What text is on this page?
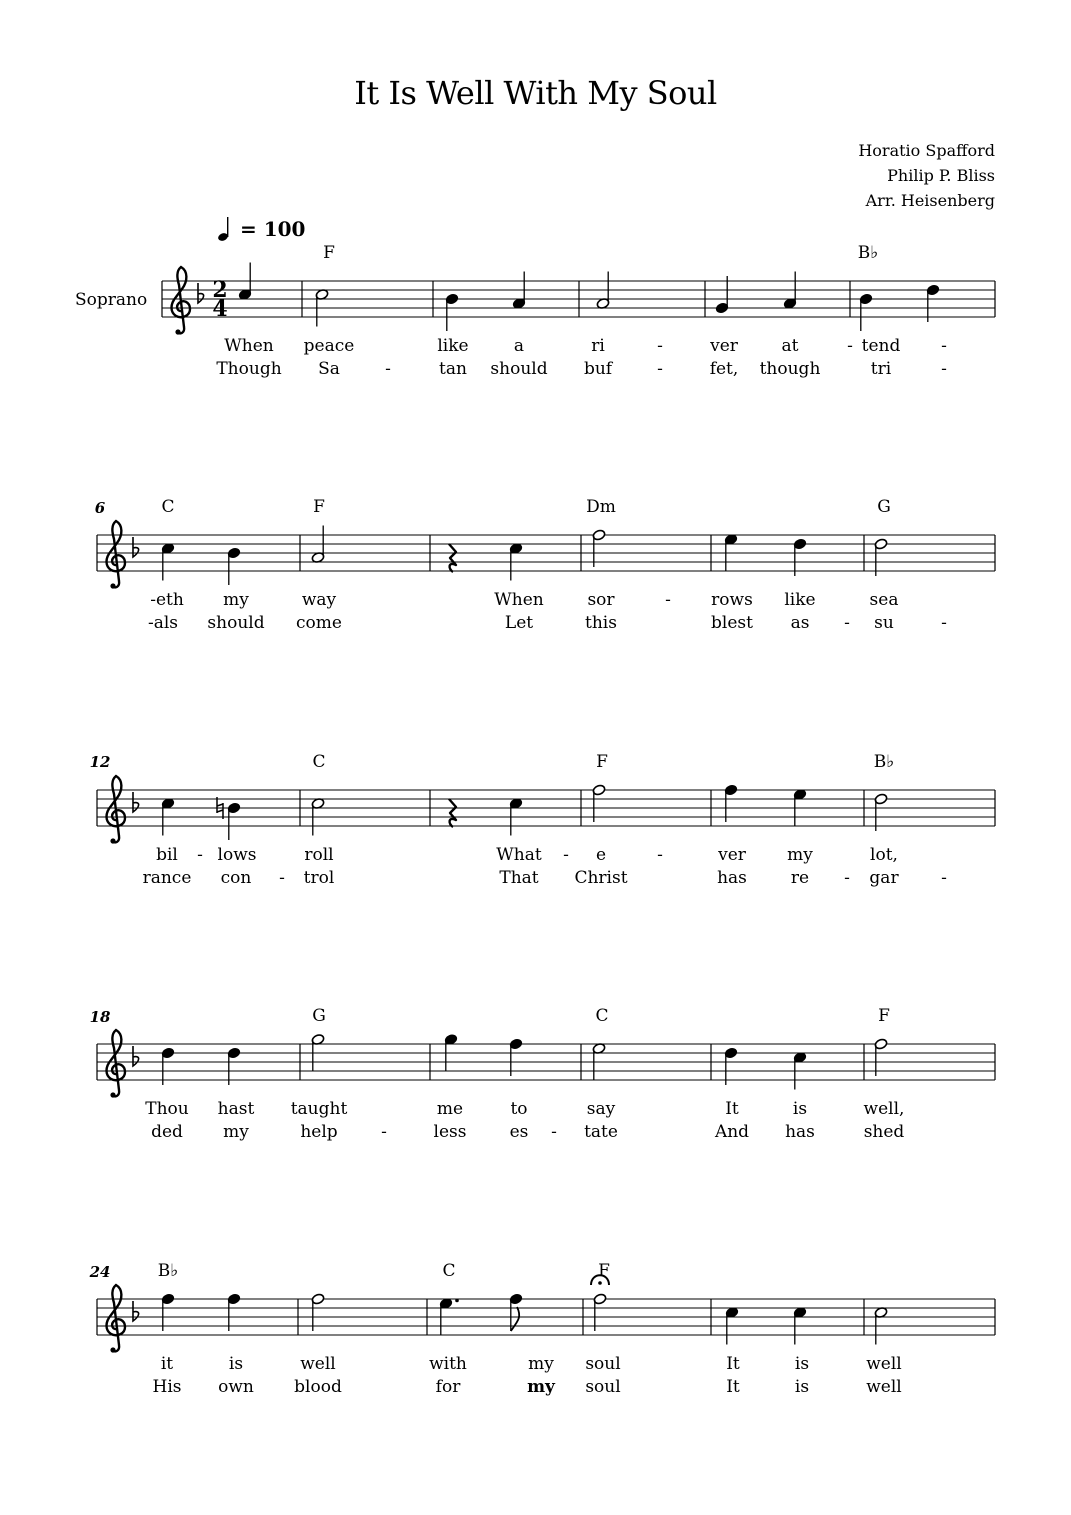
It Is Well With My Soul
Horatio Spafford
Philip P. Bliss
Arr. Heisenberg
= 100
Soprano	2
4
F	B♭
When peace	like	a	ri	-	ver	at	- tend -
Though Sa	-	tan should buf	-	fet, though	tri	-
6	C	F	Dm	G
-eth my	way	When	sor	- rows like	sea
-als should come	Let	this	blest as - su	-
12	C	F	B♭
bil - lows	roll	What - e	-	ver my	lot,
rance con - trol	That Christ	has	re - gar	-
18	G	C	F
Thou hast taught	me	to	say	It	is	well,
ded my	help	-	less	es - tate	And has	shed
24	B♭	C	F
it	is	well	with	my soul	It	is	well
His own blood	for	my soul	It	is	well
